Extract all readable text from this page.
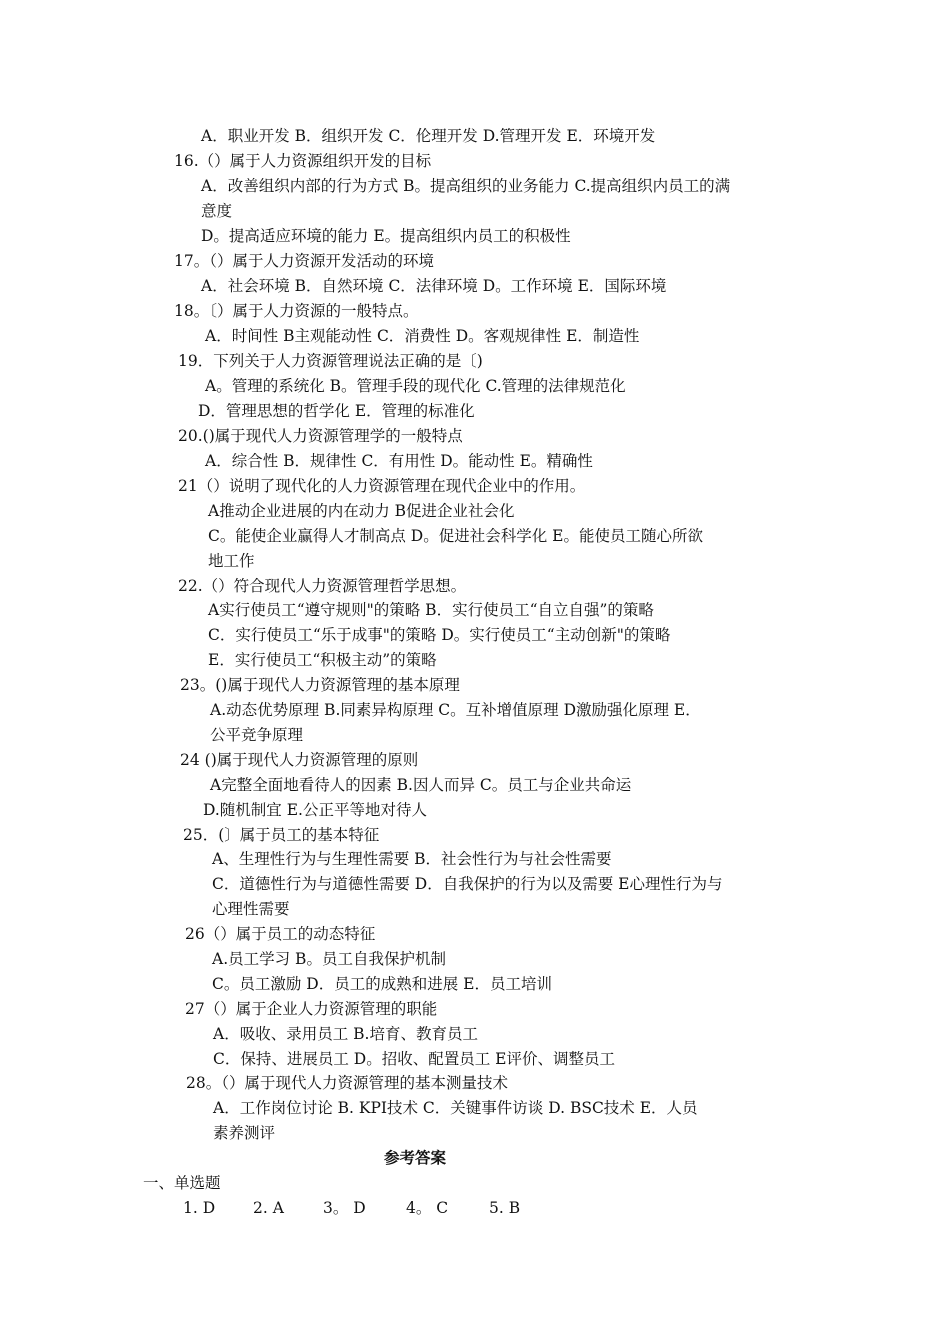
A．职业开发 B．组织开发 C．伦理开发 D.管理开发 E．环境开发
16.（）属于人力资源组织开发的目标
A．改善组织内部的行为方式 B。提高组织的业务能力 C.提高组织内员工的满
意度
D。提高适应环境的能力 E。提高组织内员工的积极性
17。（）属于人力资源开发活动的环境
A．社会环境 B．自然环境 C．法律环境 D。工作环境 E．国际环境
18。〔）属于人力资源的一般特点。
A．时间性 B主观能动性 C．消费性 D。客观规律性 E．制造性
19．下列关于人力资源管理说法正确的是〔)
A。管理的系统化 B。管理手段的现代化 C.管理的法律规范化
D．管理思想的哲学化 E．管理的标准化
20.()属于现代人力资源管理学的一般特点
A．综合性 B．规律性 C．有用性 D。能动性 E。精确性
21（）说明了现代化的人力资源管理在现代企业中的作用。
A推动企业进展的内在动力 B促进企业社会化
C。能使企业赢得人才制高点 D。促进社会科学化 E。能使员工随心所欲
地工作
22.（）符合现代人力资源管理哲学思想。
A实行使员工“遵守规则"的策略 B．实行使员工“自立自强”的策略
C．实行使员工“乐于成事"的策略 D。实行使员工“主动创新"的策略
E．实行使员工“积极主动”的策略
23。()属于现代人力资源管理的基本原理
A.动态优势原理 B.同素异构原理 C。互补增值原理 D激励强化原理 E．
公平竞争原理
24 ()属于现代人力资源管理的原则
A完整全面地看待人的因素 B.因人而异 C。员工与企业共命运
D.随机制宜 E.公正平等地对待人
25．(〕属于员工的基本特征
A、生理性行为与生理性需要 B．社会性行为与社会性需要
C．道德性行为与道德性需要 D．自我保护的行为以及需要 E心理性行为与
心理性需要
26（）属于员工的动态特征
A.员工学习 B。员工自我保护机制
C。员工激励 D．员工的成熟和进展 E．员工培训
27（）属于企业人力资源管理的职能
A．吸收、录用员工 B.培育、教育员工
C．保持、进展员工 D。招收、配置员工 E评价、调整员工
28。（）属于现代人力资源管理的基本测量技术
A．工作岗位讨论 B. KPI技术 C．关键事件访谈 D. BSC技术 E．人员
素养测评
参考答案
一、单选题
1. D 2. A	3。 D	4。 C	5. B
